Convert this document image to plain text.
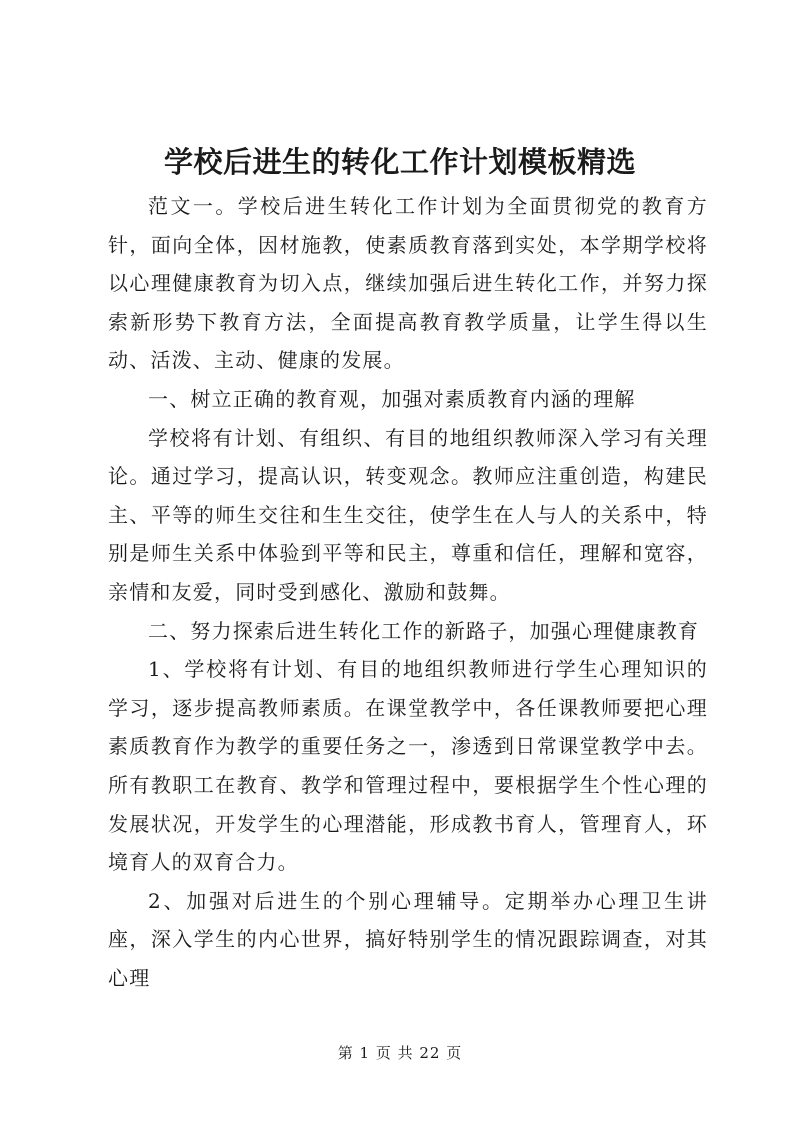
学校后进生的转化工作计划模板精选

范文一。学校后进生转化工作计划为全面贯彻党的教育方针，面向全体，因材施教，使素质教育落到实处，本学期学校将以心理健康教育为切入点，继续加强后进生转化工作，并努力探索新形势下教育方法，全面提高教育教学质量，让学生得以生动、活泼、主动、健康的发展。

一、树立正确的教育观，加强对素质教育内涵的理解

学校将有计划、有组织、有目的地组织教师深入学习有关理论。通过学习，提高认识，转变观念。教师应注重创造，构建民主、平等的师生交往和生生交往，使学生在人与人的关系中，特别是师生关系中体验到平等和民主，尊重和信任，理解和宽容，亲情和友爱，同时受到感化、激励和鼓舞。

二、努力探索后进生转化工作的新路子，加强心理健康教育

1、学校将有计划、有目的地组织教师进行学生心理知识的学习，逐步提高教师素质。在课堂教学中，各任课教师要把心理素质教育作为教学的重要任务之一，渗透到日常课堂教学中去。所有教职工在教育、教学和管理过程中，要根据学生个性心理的发展状况，开发学生的心理潜能，形成教书育人，管理育人，环境育人的双育合力。

2、加强对后进生的个别心理辅导。定期举办心理卫生讲座，深入学生的内心世界，搞好特别学生的情况跟踪调查，对其心理

第 1 页 共 22 页
